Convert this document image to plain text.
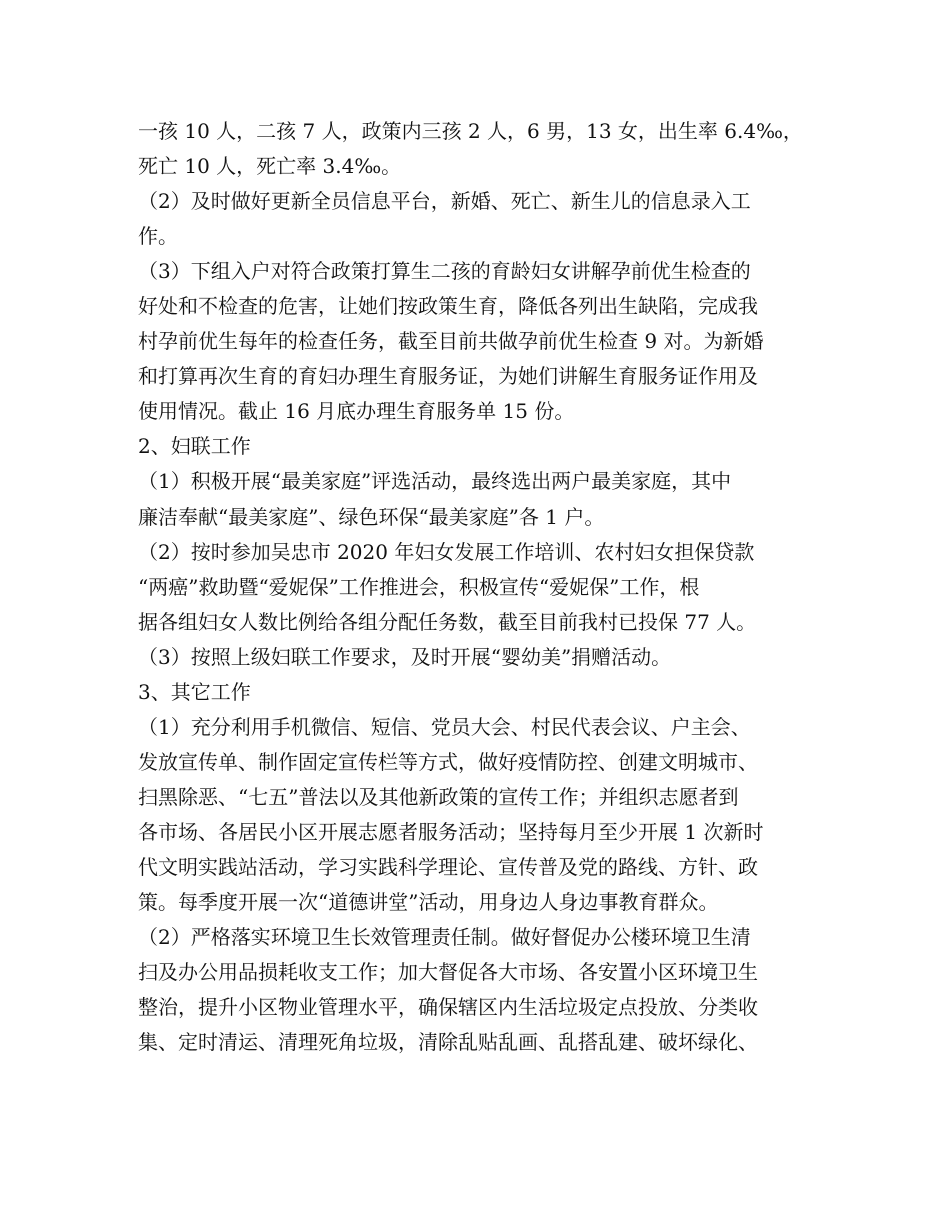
一孩 10 人，二孩 7 人，政策内三孩 2 人，6 男，13 女，出生率 6.4‰，
死亡 10 人，死亡率 3.4‰。
（2）及时做好更新全员信息平台，新婚、死亡、新生儿的信息录入工
作。
（3）下组入户对符合政策打算生二孩的育龄妇女讲解孕前优生检查的
好处和不检查的危害，让她们按政策生育，降低各列出生缺陷，完成我
村孕前优生每年的检查任务，截至目前共做孕前优生检查 9 对。为新婚
和打算再次生育的育妇办理生育服务证，为她们讲解生育服务证作用及
使用情况。截止 16 月底办理生育服务单 15 份。
2、妇联工作
（1）积极开展“最美家庭”评选活动，最终选出两户最美家庭，其中
廉洁奉献“最美家庭”、绿色环保“最美家庭”各 1 户。
（2）按时参加吴忠市 2020 年妇女发展工作培训、农村妇女担保贷款
“两癌”救助暨“爱妮保”工作推进会，积极宣传“爱妮保”工作，根
据各组妇女人数比例给各组分配任务数，截至目前我村已投保 77 人。
（3）按照上级妇联工作要求，及时开展“婴幼美”捐赠活动。
3、其它工作
（1）充分利用手机微信、短信、党员大会、村民代表会议、户主会、
发放宣传单、制作固定宣传栏等方式，做好疫情防控、创建文明城市、
扫黑除恶、“七五”普法以及其他新政策的宣传工作；并组织志愿者到
各市场、各居民小区开展志愿者服务活动；坚持每月至少开展 1 次新时
代文明实践站活动，学习实践科学理论、宣传普及党的路线、方针、政
策。每季度开展一次“道德讲堂”活动，用身边人身边事教育群众。
（2）严格落实环境卫生长效管理责任制。做好督促办公楼环境卫生清
扫及办公用品损耗收支工作；加大督促各大市场、各安置小区环境卫生
整治，提升小区物业管理水平，确保辖区内生活垃圾定点投放、分类收
集、定时清运、清理死角垃圾，清除乱贴乱画、乱搭乱建、破坏绿化、
